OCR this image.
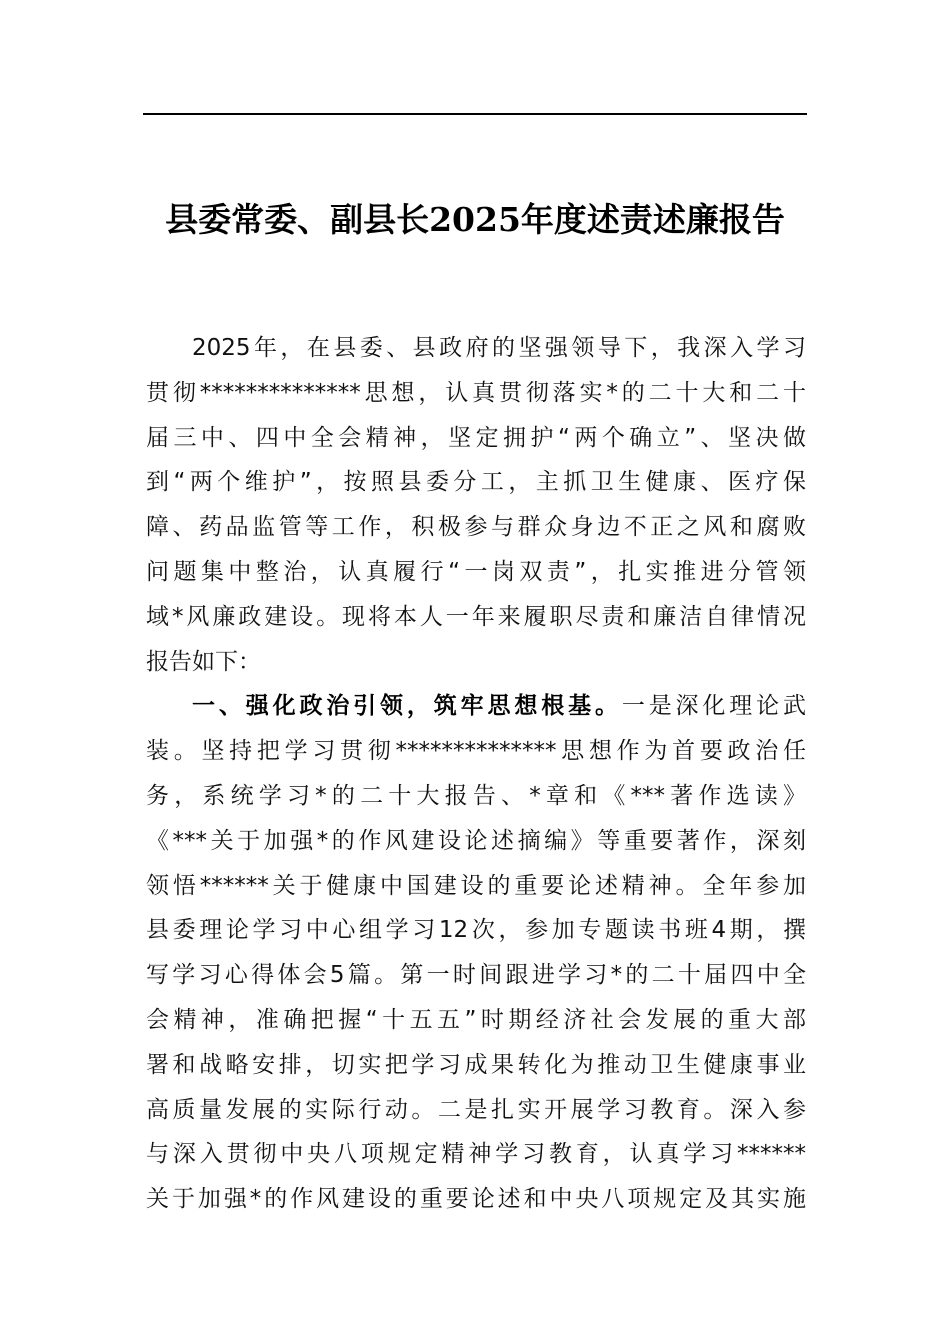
县委常委、副县长2025年度述责述廉报告
2025年，在县委、县政府的坚强领导下，我深入学习
贯彻**************思想，认真贯彻落实*的二十大和二十
届三中、四中全会精神，坚定拥护“两个确立”、坚决做
到“两个维护”，按照县委分工，主抓卫生健康、医疗保
障、药品监管等工作，积极参与群众身边不正之风和腐败
问题集中整治，认真履行“一岗双责”，扎实推进分管领
域*风廉政建设。现将本人一年来履职尽责和廉洁自律情况
报告如下：
一、强化政治引领，筑牢思想根基。一是深化理论武
装。坚持把学习贯彻**************思想作为首要政治任
务，系统学习*的二十大报告、*章和《***著作选读》
《***关于加强*的作风建设论述摘编》等重要著作，深刻
领悟******关于健康中国建设的重要论述精神。全年参加
县委理论学习中心组学习12次，参加专题读书班4期，撰
写学习心得体会5篇。第一时间跟进学习*的二十届四中全
会精神，准确把握“十五五”时期经济社会发展的重大部
署和战略安排，切实把学习成果转化为推动卫生健康事业
高质量发展的实际行动。二是扎实开展学习教育。深入参
与深入贯彻中央八项规定精神学习教育，认真学习******
关于加强*的作风建设的重要论述和中央八项规定及其实施
